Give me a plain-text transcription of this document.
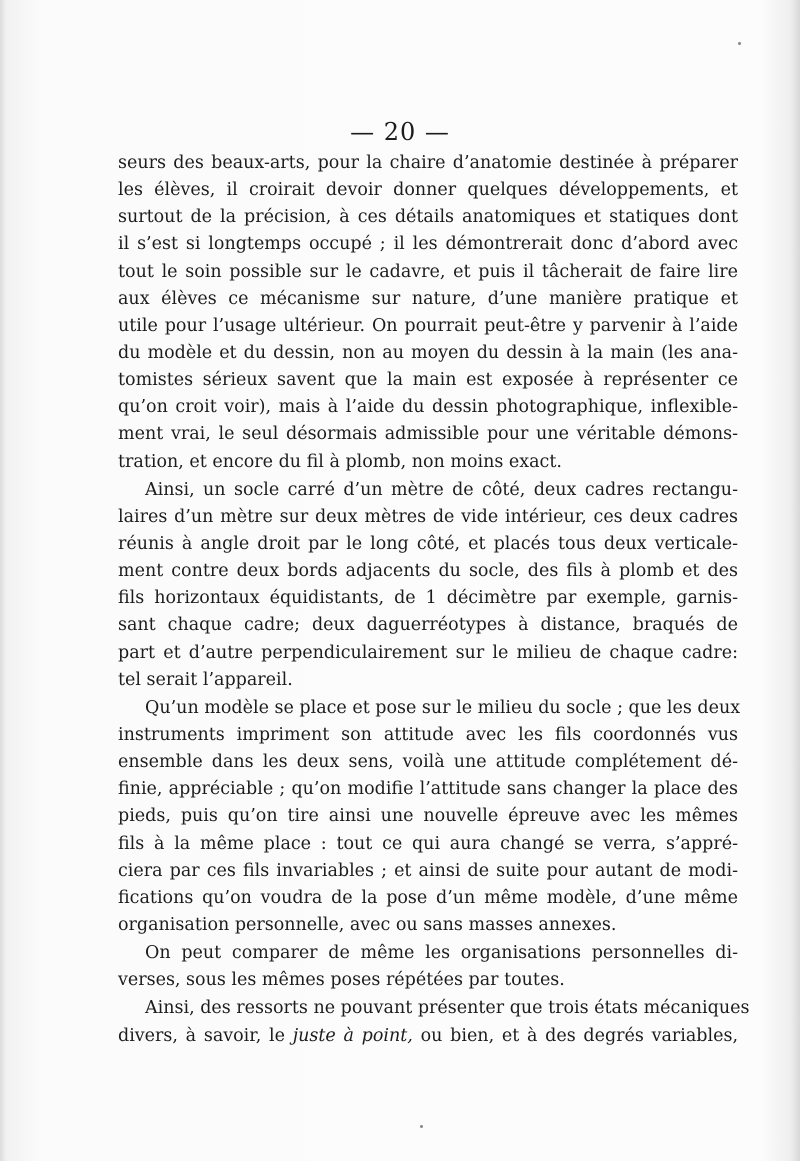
— 20 —
seurs des beaux-arts, pour la chaire d’anatomie destinée à préparer
les élèves, il croirait devoir donner quelques développements, et
surtout de la précision, à ces détails anatomiques et statiques dont
il s’est si longtemps occupé ; il les démontrerait donc d’abord avec
tout le soin possible sur le cadavre, et puis il tâcherait de faire lire
aux élèves ce mécanisme sur nature, d’une manière pratique et
utile pour l’usage ultérieur. On pourrait peut-être y parvenir à l’aide
du modèle et du dessin, non au moyen du dessin à la main (les ana-
tomistes sérieux savent que la main est exposée à représenter ce
qu’on croit voir), mais à l’aide du dessin photographique, inflexible-
ment vrai, le seul désormais admissible pour une véritable démons-
tration, et encore du fil à plomb, non moins exact.
Ainsi, un socle carré d’un mètre de côté, deux cadres rectangu-
laires d’un mètre sur deux mètres de vide intérieur, ces deux cadres
réunis à angle droit par le long côté, et placés tous deux verticale-
ment contre deux bords adjacents du socle, des fils à plomb et des
fils horizontaux équidistants, de 1 décimètre par exemple, garnis-
sant chaque cadre; deux daguerréotypes à distance, braqués de
part et d’autre perpendiculairement sur le milieu de chaque cadre:
tel serait l’appareil.
Qu’un modèle se place et pose sur le milieu du socle ; que les deux
instruments impriment son attitude avec les fils coordonnés vus
ensemble dans les deux sens, voilà une attitude complétement dé-
finie, appréciable ; qu’on modifie l’attitude sans changer la place des
pieds, puis qu’on tire ainsi une nouvelle épreuve avec les mêmes
fils à la même place : tout ce qui aura changé se verra, s’appré-
ciera par ces fils invariables ; et ainsi de suite pour autant de modi-
fications qu’on voudra de la pose d’un même modèle, d’une même
organisation personnelle, avec ou sans masses annexes.
On peut comparer de même les organisations personnelles di-
verses, sous les mêmes poses répétées par toutes.
Ainsi, des ressorts ne pouvant présenter que trois états mécaniques
divers, à savoir, le juste à point, ou bien, et à des degrés variables,
